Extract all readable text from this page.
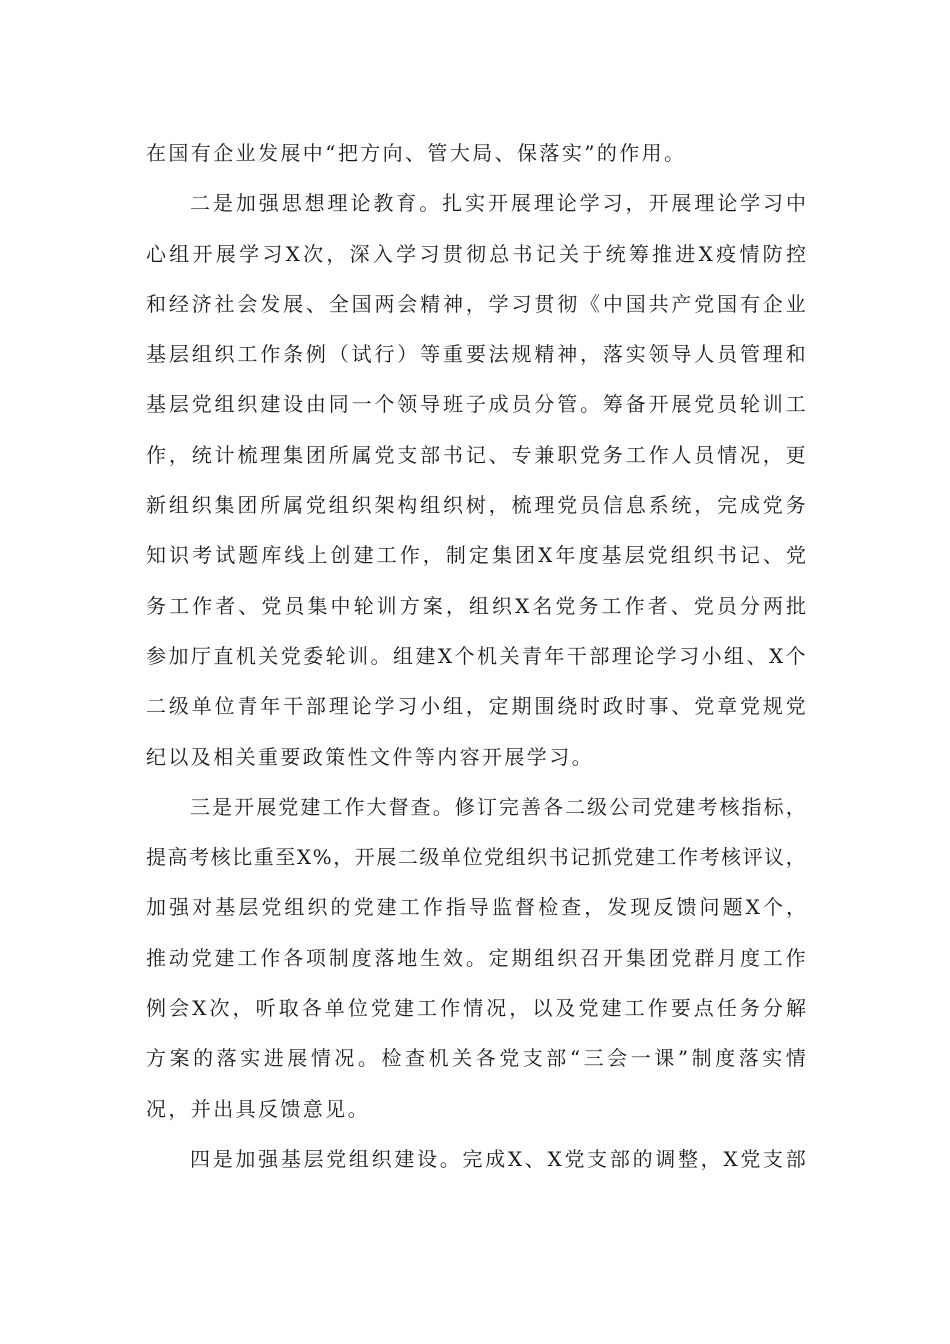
在国有企业发展中“把方向、管大局、保落实”的作用。
二 是 加 强 思 想 理 论 教 育 。 扎 实 开 展 理 论 学 习 ， 开 展 理 论 学 习 中
心 组 开 展 学 习 X 次 ， 深 入 学 习 贯 彻 总 书 记 关 于 统 筹 推 进 X 疫 情 防 控
和 经 济 社 会 发 展 、 全 国 两 会 精 神 ， 学 习 贯 彻 《 中 国 共 产 党 国 有 企 业
基 层 组 织 工 作 条 例 （ 试 行 ） 等 重 要 法 规 精 神 ， 落 实 领 导 人 员 管 理 和
基 层 党 组 织 建 设 由 同 一 个 领 导 班 子 成 员 分 管 。 筹 备 开 展 党 员 轮 训 工
作 ， 统 计 梳 理 集 团 所 属 党 支 部 书 记 、 专 兼 职 党 务 工 作 人 员 情 况 ， 更
新 组 织 集 团 所 属 党 组 织 架 构 组 织 树 ， 梳 理 党 员 信 息 系 统 ， 完 成 党 务
知 识 考 试 题 库 线 上 创 建 工 作 ， 制 定 集 团 X 年 度 基 层 党 组 织 书 记 、 党
务 工 作 者 、 党 员 集 中 轮 训 方 案 ， 组 织 X 名 党 务 工 作 者 、 党 员 分 两 批
参 加 厅 直 机 关 党 委 轮 训 。 组 建 X 个 机 关 青 年 干 部 理 论 学 习 小 组 、 X 个
二 级 单 位 青 年 干 部 理 论 学 习 小 组 ， 定 期 围 绕 时 政 时 事 、 党 章 党 规 党
纪以及相关重要政策性文件等内容开展学习。
三 是 开 展 党 建 工 作 大 督 查 。 修 订 完 善 各 二 级 公 司 党 建 考 核 指 标 ，
提 高 考 核 比 重 至 X % ， 开 展 二 级 单 位 党 组 织 书 记 抓 党 建 工 作 考 核 评 议 ，
加 强 对 基 层 党 组 织 的 党 建 工 作 指 导 监 督 检 查 ， 发 现 反 馈 问 题 X 个 ，
推 动 党 建 工 作 各 项 制 度 落 地 生 效 。 定 期 组 织 召 开 集 团 党 群 月 度 工 作
例 会 X 次 ， 听 取 各 单 位 党 建 工 作 情 况 ， 以 及 党 建 工 作 要 点 任 务 分 解
方 案 的 落 实 进 展 情 况 。 检 查 机 关 各 党 支 部 “ 三 会 一 课 ” 制 度 落 实 情
况，并出具反馈意见。
四 是 加 强 基 层 党 组 织 建 设 。 完 成 X 、 X 党 支 部 的 调 整 ， X 党 支 部
